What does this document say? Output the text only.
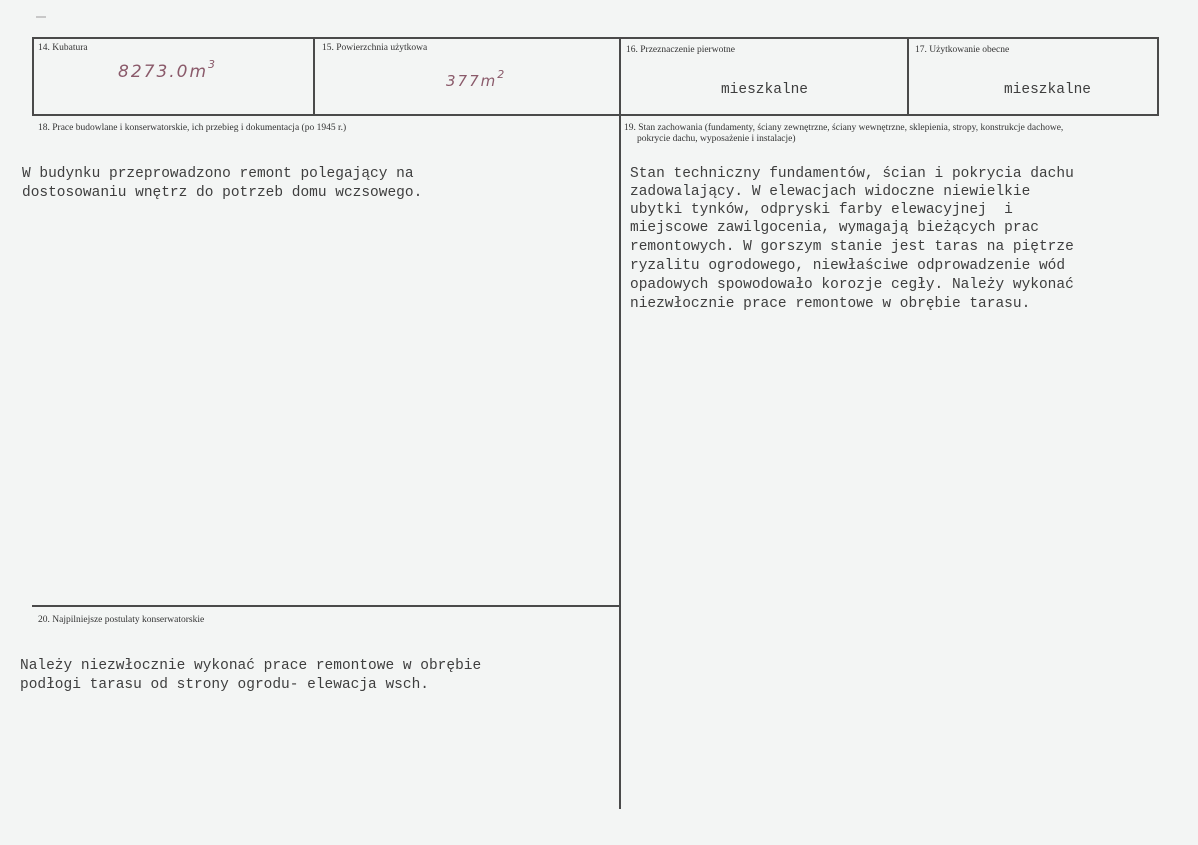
14. Kubatura
$8273.0m^3$
15. Powierzchnia użytkowa
$377m^2$
16. Przeznaczenie pierwotne
mieszkalne
17. Użytkowanie obecne
mieszkalne
18. Prace budowlane i konserwatorskie, ich przebieg i dokumentacja (po 1945 r.)
W budynku przeprowadzono remont polegający na
dostosowaniu wnętrz do potrzeb domu wczsowego.
19. Stan zachowania (fundamenty, ściany zewnętrzne, ściany wewnętrzne, sklepienia, stropy, konstrukcje dachowe,
pokrycie dachu, wyposażenie i instalacje)
Stan techniczny fundamentów, ścian i pokrycia dachu
zadowalający. W elewacjach widoczne niewielkie
ubytki tynków, odpryski farby elewacyjnej  i
miejscowe zawilgocenia, wymagają bieżących prac
remontowych. W gorszym stanie jest taras na piętrze
ryzalitu ogrodowego, niewłaściwe odprowadzenie wód
opadowych spowodowało korozje cegły. Należy wykonać
niezwłocznie prace remontowe w obrębie tarasu.
20. Najpilniejsze postulaty konserwatorskie
Należy niezwłocznie wykonać prace remontowe w obrębie
podłogi tarasu od strony ogrodu- elewacja wsch.
